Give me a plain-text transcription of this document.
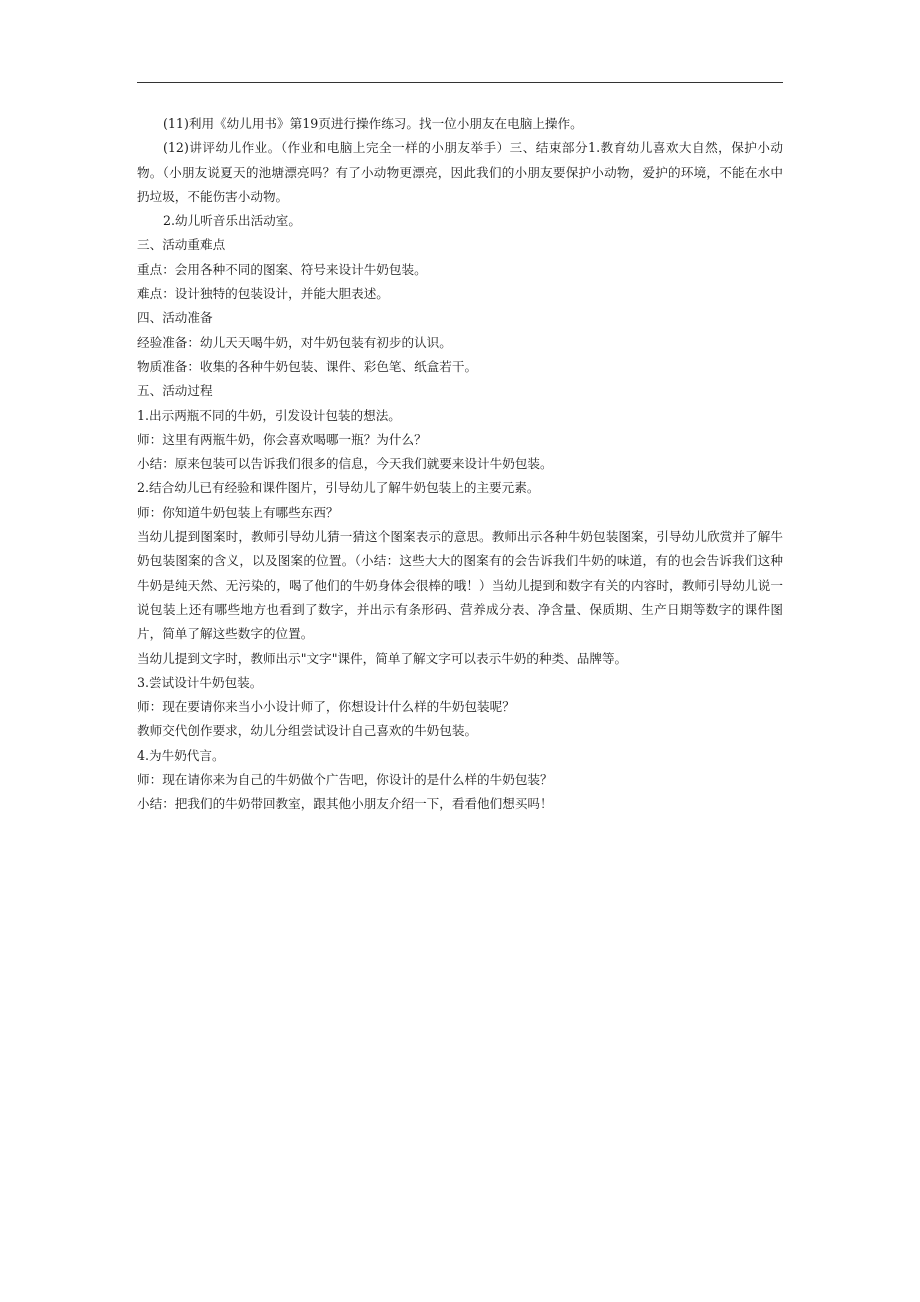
(11)利用《幼儿用书》第19页进行操作练习。找一位小朋友在电脑上操作。

(12)讲评幼儿作业。（作业和电脑上完全一样的小朋友举手）三、结束部分1.教育幼儿喜欢大自然，保护小动物。（小朋友说夏天的池塘漂亮吗？有了小动物更漂亮，因此我们的小朋友要保护小动物，爱护的环境，不能在水中扔垃圾，不能伤害小动物。

2.幼儿听音乐出活动室。

三、活动重难点

重点：会用各种不同的图案、符号来设计牛奶包装。

难点：设计独特的包装设计，并能大胆表述。

四、活动准备

经验准备：幼儿天天喝牛奶，对牛奶包装有初步的认识。

物质准备：收集的各种牛奶包装、课件、彩色笔、纸盒若干。

五、活动过程

1.出示两瓶不同的牛奶，引发设计包装的想法。

师：这里有两瓶牛奶，你会喜欢喝哪一瓶？为什么？

小结：原来包装可以告诉我们很多的信息，今天我们就要来设计牛奶包装。

2.结合幼儿已有经验和课件图片，引导幼儿了解牛奶包装上的主要元素。

师：你知道牛奶包装上有哪些东西？

当幼儿提到图案时，教师引导幼儿猜一猜这个图案表示的意思。教师出示各种牛奶包装图案，引导幼儿欣赏并了解牛奶包装图案的含义，以及图案的位置。（小结：这些大大的图案有的会告诉我们牛奶的味道，有的也会告诉我们这种牛奶是纯天然、无污染的，喝了他们的牛奶身体会很棒的哦！）当幼儿提到和数字有关的内容时，教师引导幼儿说一说包装上还有哪些地方也看到了数字，并出示有条形码、营养成分表、净含量、保质期、生产日期等数字的课件图片，简单了解这些数字的位置。

当幼儿提到文字时，教师出示"文字"课件，简单了解文字可以表示牛奶的种类、品牌等。

3.尝试设计牛奶包装。

师：现在要请你来当小小设计师了，你想设计什么样的牛奶包装呢？

教师交代创作要求，幼儿分组尝试设计自己喜欢的牛奶包装。

4.为牛奶代言。

师：现在请你来为自己的牛奶做个广告吧，你设计的是什么样的牛奶包装？

小结：把我们的牛奶带回教室，跟其他小朋友介绍一下，看看他们想买吗！
